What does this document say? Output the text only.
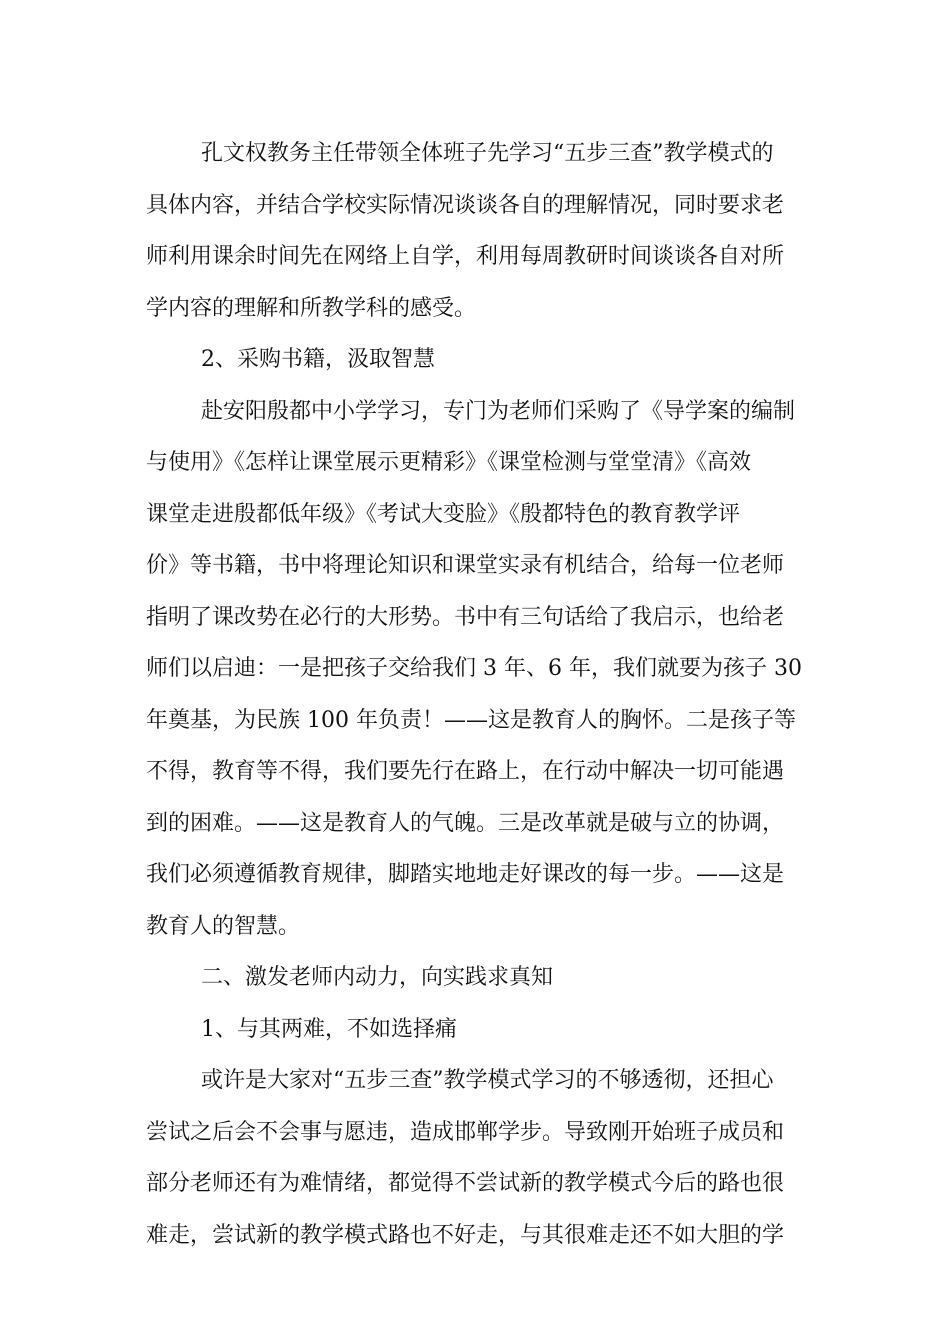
孔文权教务主任带领全体班子先学习“五步三查”教学模式的
具体内容，并结合学校实际情况谈谈各自的理解情况，同时要求老
师利用课余时间先在网络上自学，利用每周教研时间谈谈各自对所
学内容的理解和所教学科的感受。
2、采购书籍，汲取智慧
赴安阳殷都中小学学习，专门为老师们采购了《导学案的编制
与使用》《怎样让课堂展示更精彩》《课堂检测与堂堂清》《高效
课堂走进殷都低年级》《考试大变脸》《殷都特色的教育教学评
价》等书籍，书中将理论知识和课堂实录有机结合，给每一位老师
指明了课改势在必行的大形势。书中有三句话给了我启示，也给老
师们以启迪：一是把孩子交给我们 3 年、6 年，我们就要为孩子 30
年奠基，为民族 100 年负责！——这是教育人的胸怀。二是孩子等
不得，教育等不得，我们要先行在路上，在行动中解决一切可能遇
到的困难。——这是教育人的气魄。三是改革就是破与立的协调，
我们必须遵循教育规律，脚踏实地地走好课改的每一步。——这是
教育人的智慧。
二、激发老师内动力，向实践求真知
1、与其两难，不如选择痛
或许是大家对“五步三查”教学模式学习的不够透彻，还担心
尝试之后会不会事与愿违，造成邯郸学步。导致刚开始班子成员和
部分老师还有为难情绪，都觉得不尝试新的教学模式今后的路也很
难走，尝试新的教学模式路也不好走，与其很难走还不如大胆的学
